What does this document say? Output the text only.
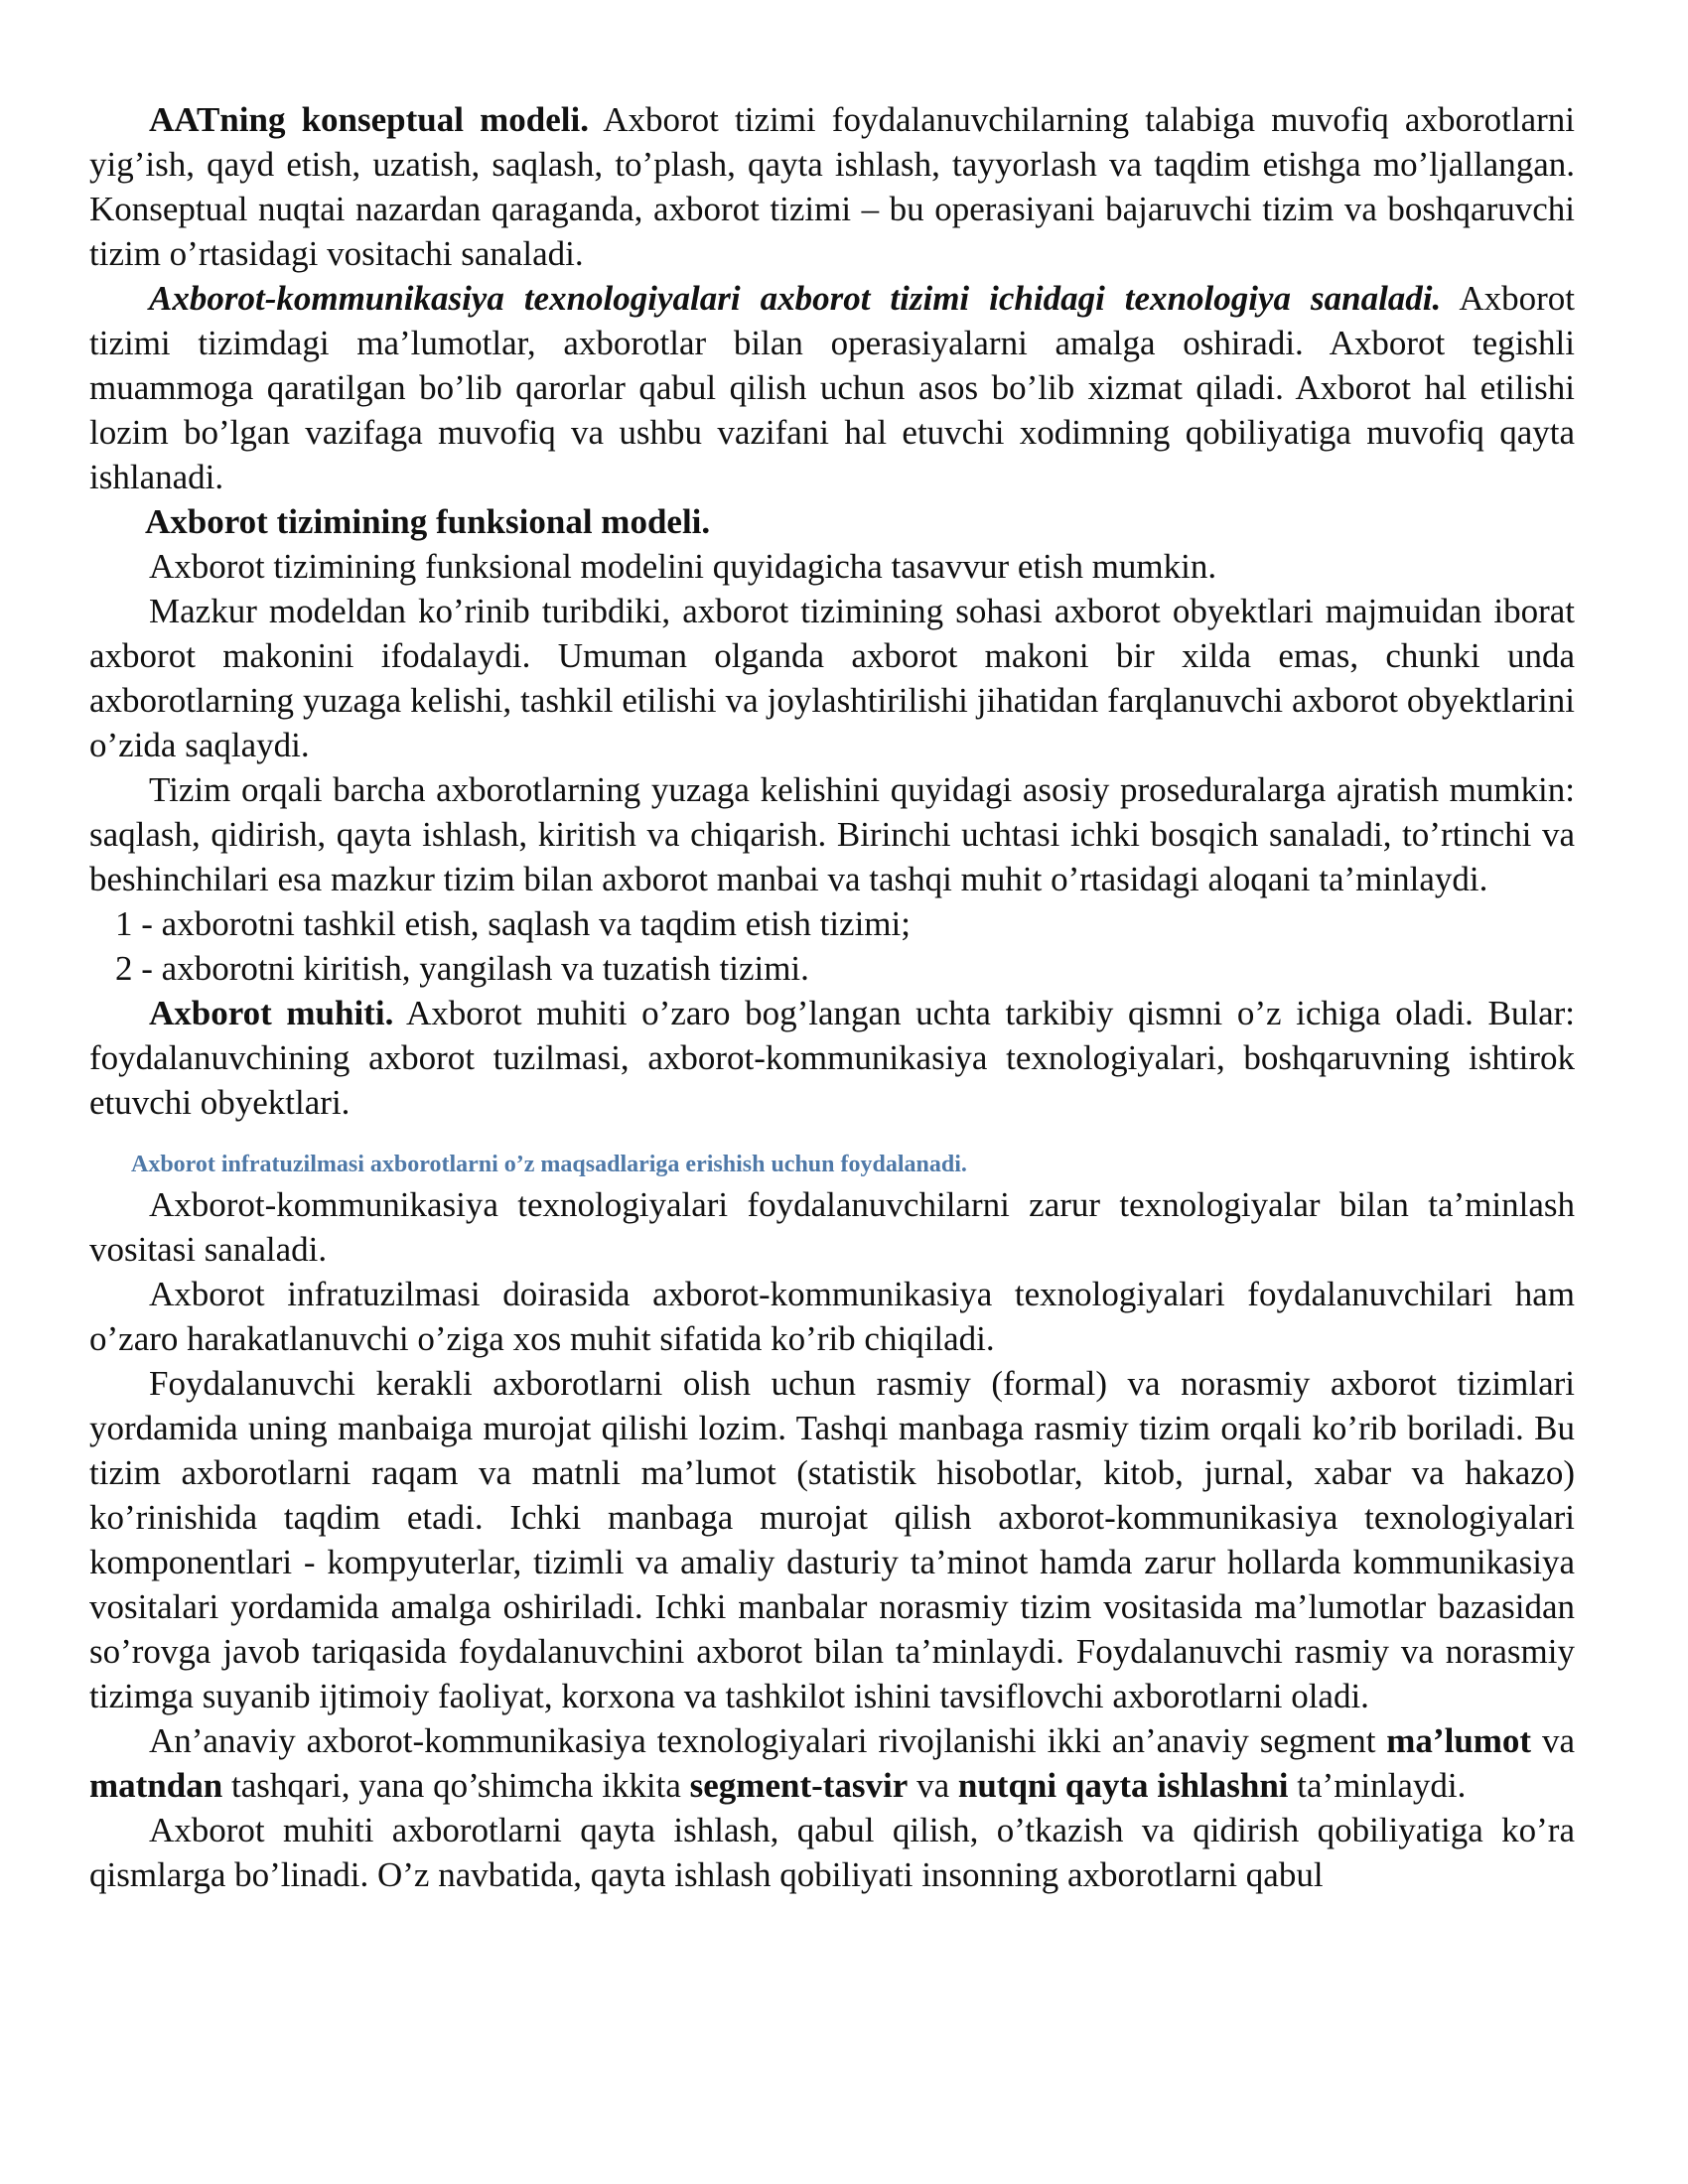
AATning konseptual modeli. Axborot tizimi foydalanuvchilarning talabiga muvofiq axborotlarni yig’ish, qayd etish, uzatish, saqlash, to’plash, qayta ishlash, tayyorlash va taqdim etishga mo’ljallangan. Konseptual nuqtai nazardan qaraganda, axborot tizimi – bu operasiyani bajaruvchi tizim va boshqaruvchi tizim o’rtasidagi vositachi sanaladi.

Axborot-kommunikasiya texnologiyalari axborot tizimi ichidagi texnologiya sanaladi. Axborot tizimi tizimdagi ma’lumotlar, axborotlar bilan operasiyalarni amalga oshiradi. Axborot tegishli muammoga qaratilgan bo’lib qarorlar qabul qilish uchun asos bo’lib xizmat qiladi. Axborot hal etilishi lozim bo’lgan vazifaga muvofiq va ushbu vazifani hal etuvchi xodimning qobiliyatiga muvofiq qayta ishlanadi.

Axborot tizimining funksional modeli.

Axborot tizimining funksional modelini quyidagicha tasavvur etish mumkin.

Mazkur modeldan ko’rinib turibdiki, axborot tizimining sohasi axborot obyektlari majmuidan iborat axborot makonini ifodalaydi. Umuman olganda axborot makoni bir xilda emas, chunki unda axborotlarning yuzaga kelishi, tashkil etilishi va joylashtirilishi jihatidan farqlanuvchi axborot obyektlarini o’zida saqlaydi.

Tizim orqali barcha axborotlarning yuzaga kelishini quyidagi asosiy proseduralarga ajratish mumkin: saqlash, qidirish, qayta ishlash, kiritish va chiqarish. Birinchi uchtasi ichki bosqich sanaladi, to’rtinchi va beshinchilari esa mazkur tizim bilan axborot manbai va tashqi muhit o’rtasidagi aloqani ta’minlaydi.

1 - axborotni tashkil etish, saqlash va taqdim etish tizimi;

2 - axborotni kiritish, yangilash va tuzatish tizimi.

Axborot muhiti. Axborot muhiti o’zaro bog’langan uchta tarkibiy qismni o’z ichiga oladi. Bular: foydalanuvchining axborot tuzilmasi, axborot-kommunikasiya texnologiyalari, boshqaruvning ishtirok etuvchi obyektlari.

Axborot infratuzilmasi axborotlarni o’z maqsadlariga erishish uchun foydalanadi.

Axborot-kommunikasiya texnologiyalari foydalanuvchilarni zarur texnologiyalar bilan ta’minlash vositasi sanaladi.

Axborot infratuzilmasi doirasida axborot-kommunikasiya texnologiyalari foydalanuvchilari ham o’zaro harakatlanuvchi o’ziga xos muhit sifatida ko’rib chiqiladi.

Foydalanuvchi kerakli axborotlarni olish uchun rasmiy (formal) va norasmiy axborot tizimlari yordamida uning manbaiga murojat qilishi lozim. Tashqi manbaga rasmiy tizim orqali ko’rib boriladi. Bu tizim axborotlarni raqam va matnli ma’lumot (statistik hisobotlar, kitob, jurnal, xabar va hakazo) ko’rinishida taqdim etadi. Ichki manbaga murojat qilish axborot-kommunikasiya texnologiyalari komponentlari - kompyuterlar, tizimli va amaliy dasturiy ta’minot hamda zarur hollarda kommunikasiya vositalari yordamida amalga oshiriladi. Ichki manbalar norasmiy tizim vositasida ma’lumotlar bazasidan so’rovga javob tariqasida foydalanuvchini axborot bilan ta’minlaydi. Foydalanuvchi rasmiy va norasmiy tizimga suyanib ijtimoiy faoliyat, korxona va tashkilot ishini tavsiflovchi axborotlarni oladi.

An’anaviy axborot-kommunikasiya texnologiyalari rivojlanishi ikki an’anaviy segment ma’lumot va matndan tashqari, yana qo’shimcha ikkita segment-tasvir va nutqni qayta ishlashni ta’minlaydi.

Axborot muhiti axborotlarni qayta ishlash, qabul qilish, o’tkazish va qidirish qobiliyatiga ko’ra qismlarga bo’linadi. O’z navbatida, qayta ishlash qobiliyati insonning axborotlarni qabul
